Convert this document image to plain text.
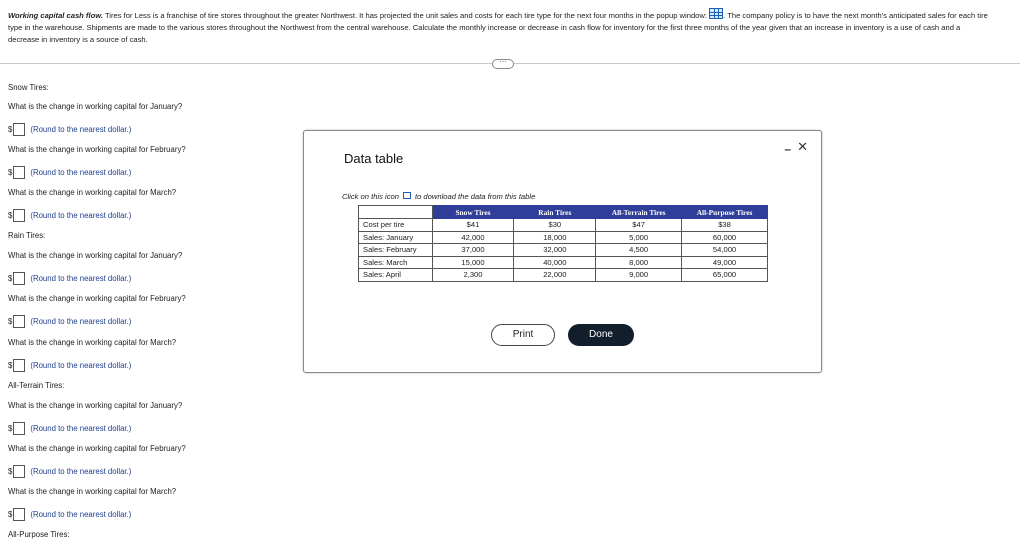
Working capital cash flow. Tires for Less is a franchise of tire stores throughout the greater Northwest. It has projected the unit sales and costs for each tire type for the next four months in the popup window: . The company policy is to have the next month's anticipated sales for each tire type in the warehouse. Shipments are made to the various stores throughout the Northwest from the central warehouse. Calculate the monthly increase or decrease in cash flow for inventory for the first three months of the year given that an increase in inventory is a use of cash and a decrease in inventory is a source of cash.
⋯
Snow Tires:
What is the change in working capital for January?
$ (Round to the nearest dollar.)
What is the change in working capital for February?
$ (Round to the nearest dollar.)
What is the change in working capital for March?
$ (Round to the nearest dollar.)
Rain Tires:
What is the change in working capital for January?
$ (Round to the nearest dollar.)
What is the change in working capital for February?
$ (Round to the nearest dollar.)
What is the change in working capital for March?
$ (Round to the nearest dollar.)
All-Terrain Tires:
What is the change in working capital for January?
$ (Round to the nearest dollar.)
What is the change in working capital for February?
$ (Round to the nearest dollar.)
What is the change in working capital for March?
$ (Round to the nearest dollar.)
All-Purpose Tires:
Data table
– ✕
Click on this icon to download the data from this table
	Snow Tires	Rain Tires	All-Terrain Tires	All-Purpose Tires
Cost per tire	$41	$30	$47	$38
Sales: January	42,000	18,000	5,000	60,000
Sales: February	37,000	32,000	4,500	54,000
Sales: March	15,000	40,000	8,000	49,000
Sales: April	2,300	22,000	9,000	65,000
Print	Done
